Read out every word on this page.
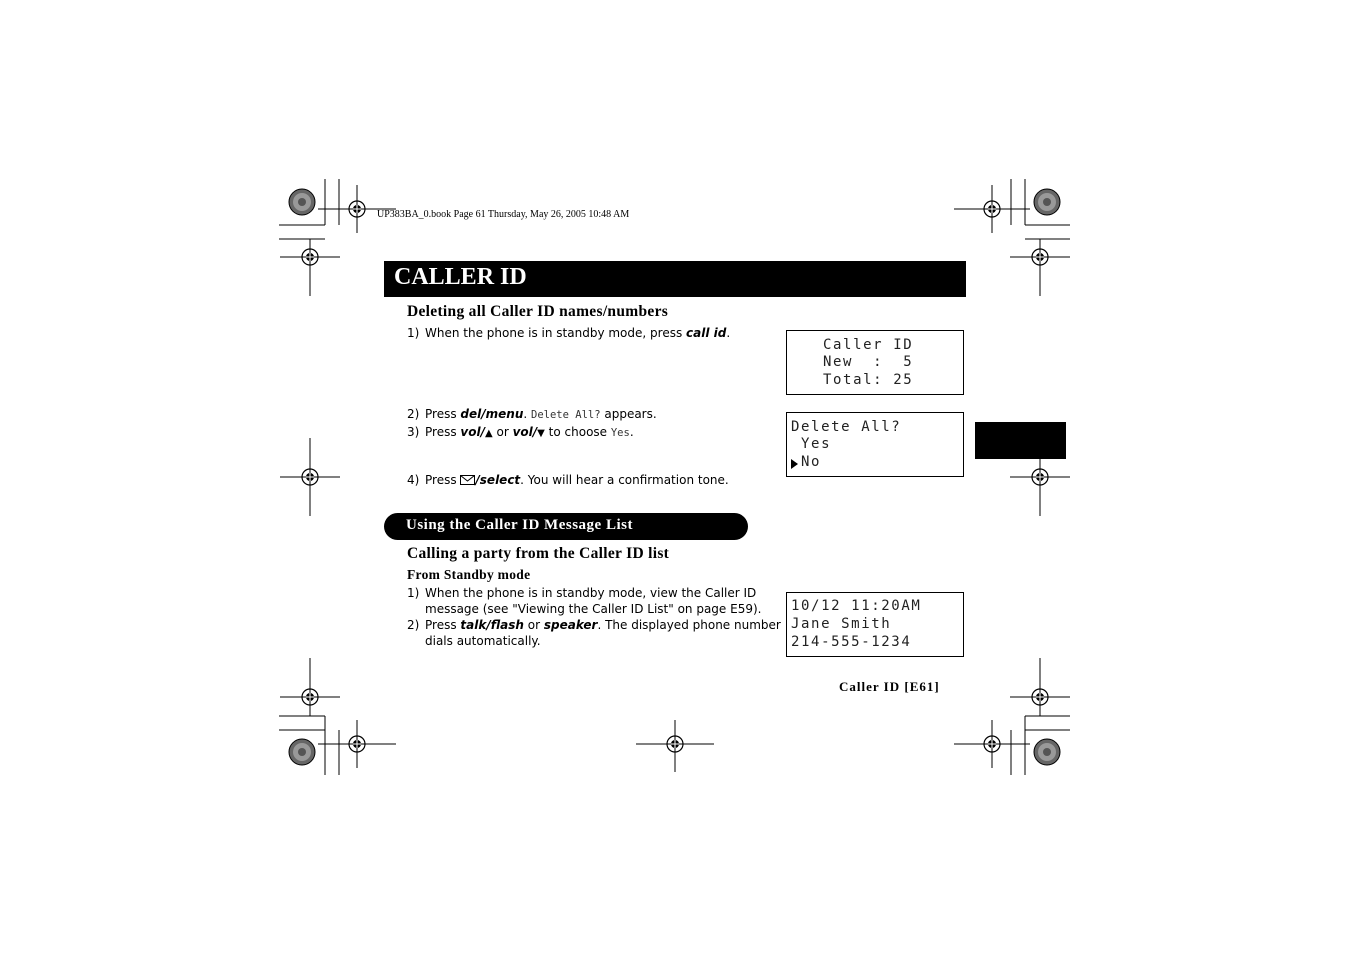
UP383BA_0.book Page 61 Thursday, May 26, 2005 10:48 AM
CALLER ID
Deleting all Caller ID names/numbers
1) When the phone is in standby mode, press call id.
2) Press del/menu. Delete All? appears.
3) Press vol/▲ or vol/▼ to choose Yes.
4) Press /select. You will hear a confirmation tone.
Caller ID
New  :  5
Total: 25
Delete All?
Yes
No
Using the Caller ID Message List
Calling a party from the Caller ID list
From Standby mode
1) When the phone is in standby mode, view the Caller ID
message (see "Viewing the Caller ID List" on page E59).
2) Press talk/flash or speaker. The displayed phone number
dials automatically.
10/12 11:20AM
Jane Smith
214-555-1234
Caller ID [E61]
